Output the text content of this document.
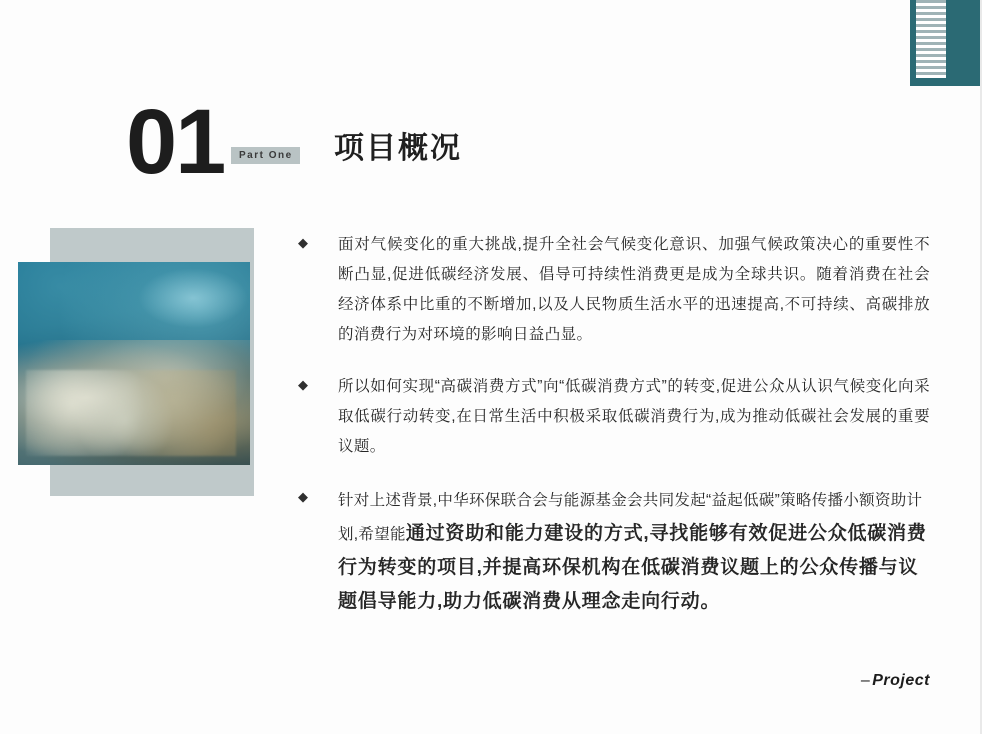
01	Part One 项目概况
◆ 面对气候变化的重大挑战,提升全社会气候变化意识、加强气候政策决心的重要性不断凸显,促进低碳经济发展、倡导可持续性消费更是成为全球共识。随着消费在社会经济体系中比重的不断增加,以及人民物质生活水平的迅速提高,不可持续、高碳排放的消费行为对环境的影响日益凸显。
◆ 所以如何实现“高碳消费方式”向“低碳消费方式”的转变,促进公众从认识气候变化向采取低碳行动转变,在日常生活中积极采取低碳消费行为,成为推动低碳社会发展的重要议题。
◆ 针对上述背景,中华环保联合会与能源基金会共同发起“益起低碳”策略传播小额资助计划,希望能通过资助和能力建设的方式,寻找能够有效促进公众低碳消费行为转变的项目,并提高环保机构在低碳消费议题上的公众传播与议题倡导能力,助力低碳消费从理念走向行动。
– Project
